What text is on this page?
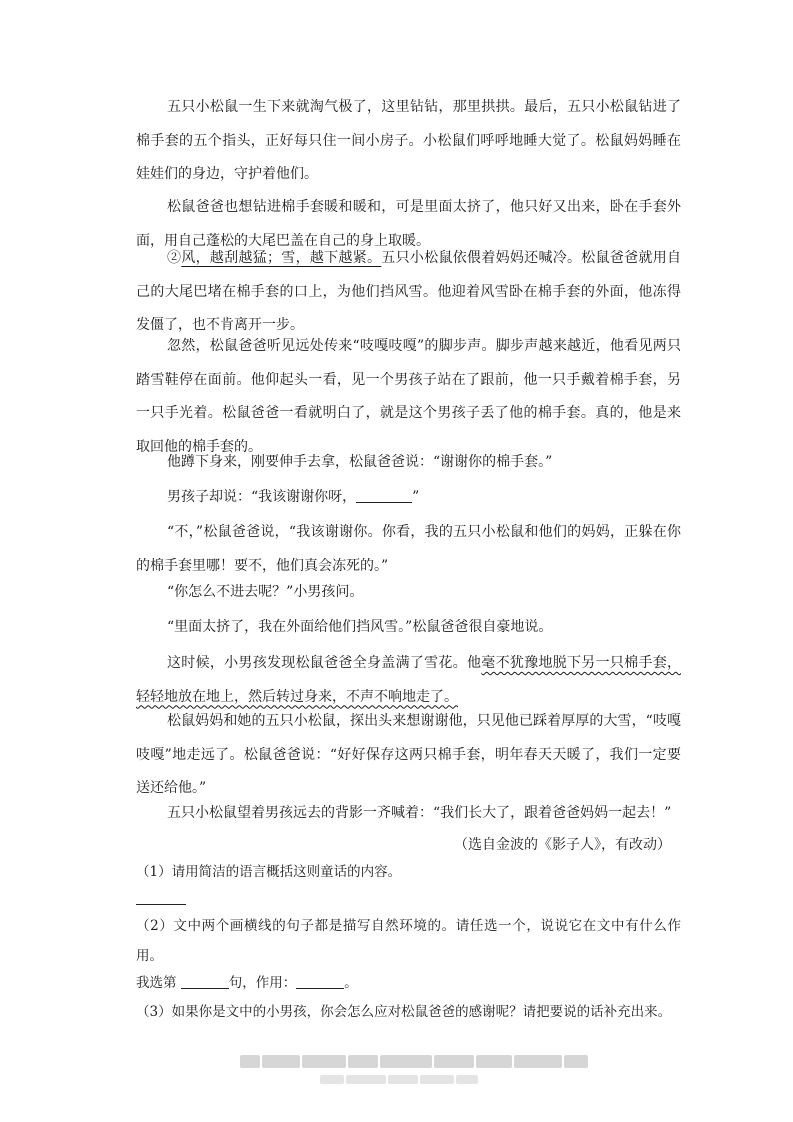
五只小松鼠一生下来就淘气极了，这里钻钻，那里拱拱。最后，五只小松鼠钻进了棉手套的五个指头，正好每只住一间小房子。小松鼠们呼呼地睡大觉了。松鼠妈妈睡在娃娃们的身边，守护着他们。

松鼠爸爸也想钻进棉手套暖和暖和，可是里面太挤了，他只好又出来，卧在手套外面，用自己蓬松的大尾巴盖在自己的身上取暖。

②风，越刮越猛；雪，越下越紧。五只小松鼠依偎着妈妈还喊冷。松鼠爸爸就用自己的大尾巴堵在棉手套的口上，为他们挡风雪。他迎着风雪卧在棉手套的外面，他冻得发僵了，也不肯离开一步。

忽然，松鼠爸爸听见远处传来“吱嘎吱嘎”的脚步声。脚步声越来越近，他看见两只踏雪鞋停在面前。他仰起头一看，见一个男孩子站在了跟前，他一只手戴着棉手套，另一只手光着。松鼠爸爸一看就明白了，就是这个男孩子丢了他的棉手套。真的，他是来取回他的棉手套的。

他蹲下身来，刚要伸手去拿，松鼠爸爸说：“谢谢你的棉手套。”

男孩子却说：“我该谢谢你呀，	”

“不，”松鼠爸爸说，“我该谢谢你。你看，我的五只小松鼠和他们的妈妈，正躲在你的棉手套里哪！要不，他们真会冻死的。”

“你怎么不进去呢？”小男孩问。

“里面太挤了，我在外面给他们挡风雪。”松鼠爸爸很自豪地说。

这时候，小男孩发现松鼠爸爸全身盖满了雪花。他毫不犹豫地脱下另一只棉手套，轻轻地放在地上，然后转过身来，不声不响地走了。

松鼠妈妈和她的五只小松鼠，探出头来想谢谢他，只见他已踩着厚厚的大雪，“吱嘎吱嘎”地走远了。松鼠爸爸说：“好好保存这两只棉手套，明年春天天暖了，我们一定要送还给他。”

五只小松鼠望着男孩远去的背影一齐喊着：“我们长大了，跟着爸爸妈妈一起去！”

（选自金波的《影子人》，有改动）

（1）请用简洁的语言概括这则童话的内容。

（2）文中两个画横线的句子都是描写自然环境的。请任选一个，说说它在文中有什么作用。

我选第	句，作用：	。

（3）如果你是文中的小男孩，你会怎么应对松鼠爸爸的感谢呢？请把要说的话补充出来。
